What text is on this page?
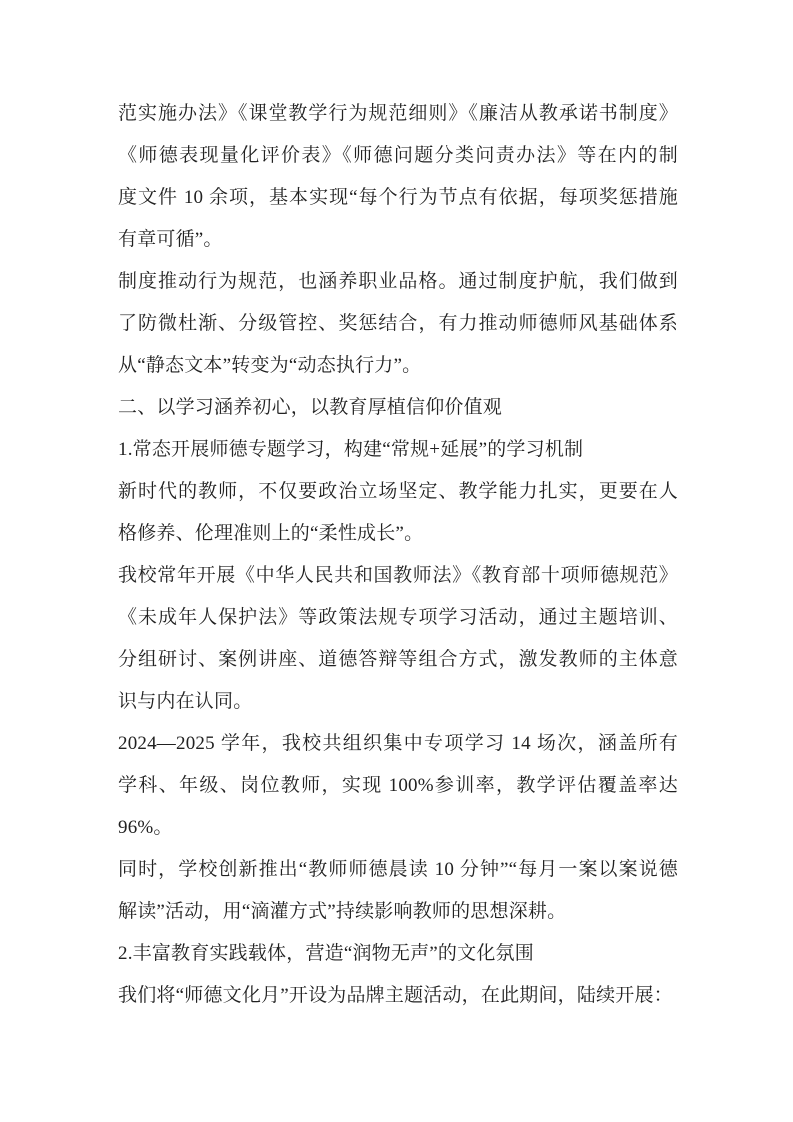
范实施办法》《课堂教学行为规范细则》《廉洁从教承诺书制度》
《师德表现量化评价表》《师德问题分类问责办法》等在内的制
度文件 10 余项，基本实现“每个行为节点有依据，每项奖惩措施
有章可循”。
制度推动行为规范，也涵养职业品格。通过制度护航，我们做到
了防微杜渐、分级管控、奖惩结合，有力推动师德师风基础体系
从“静态文本”转变为“动态执行力”。
二、以学习涵养初心，以教育厚植信仰价值观
1.常态开展师德专题学习，构建“常规+延展”的学习机制
新时代的教师，不仅要政治立场坚定、教学能力扎实，更要在人
格修养、伦理准则上的“柔性成长”。
我校常年开展《中华人民共和国教师法》《教育部十项师德规范》
《未成年人保护法》等政策法规专项学习活动，通过主题培训、
分组研讨、案例讲座、道德答辩等组合方式，激发教师的主体意
识与内在认同。
2024—2025 学年，我校共组织集中专项学习 14 场次，涵盖所有
学科、年级、岗位教师，实现 100%参训率，教学评估覆盖率达
96%。
同时，学校创新推出“教师师德晨读 10 分钟”“每月一案以案说德
解读”活动，用“滴灌方式”持续影响教师的思想深耕。
2.丰富教育实践载体，营造“润物无声”的文化氛围
我们将“师德文化月”开设为品牌主题活动，在此期间，陆续开展：
